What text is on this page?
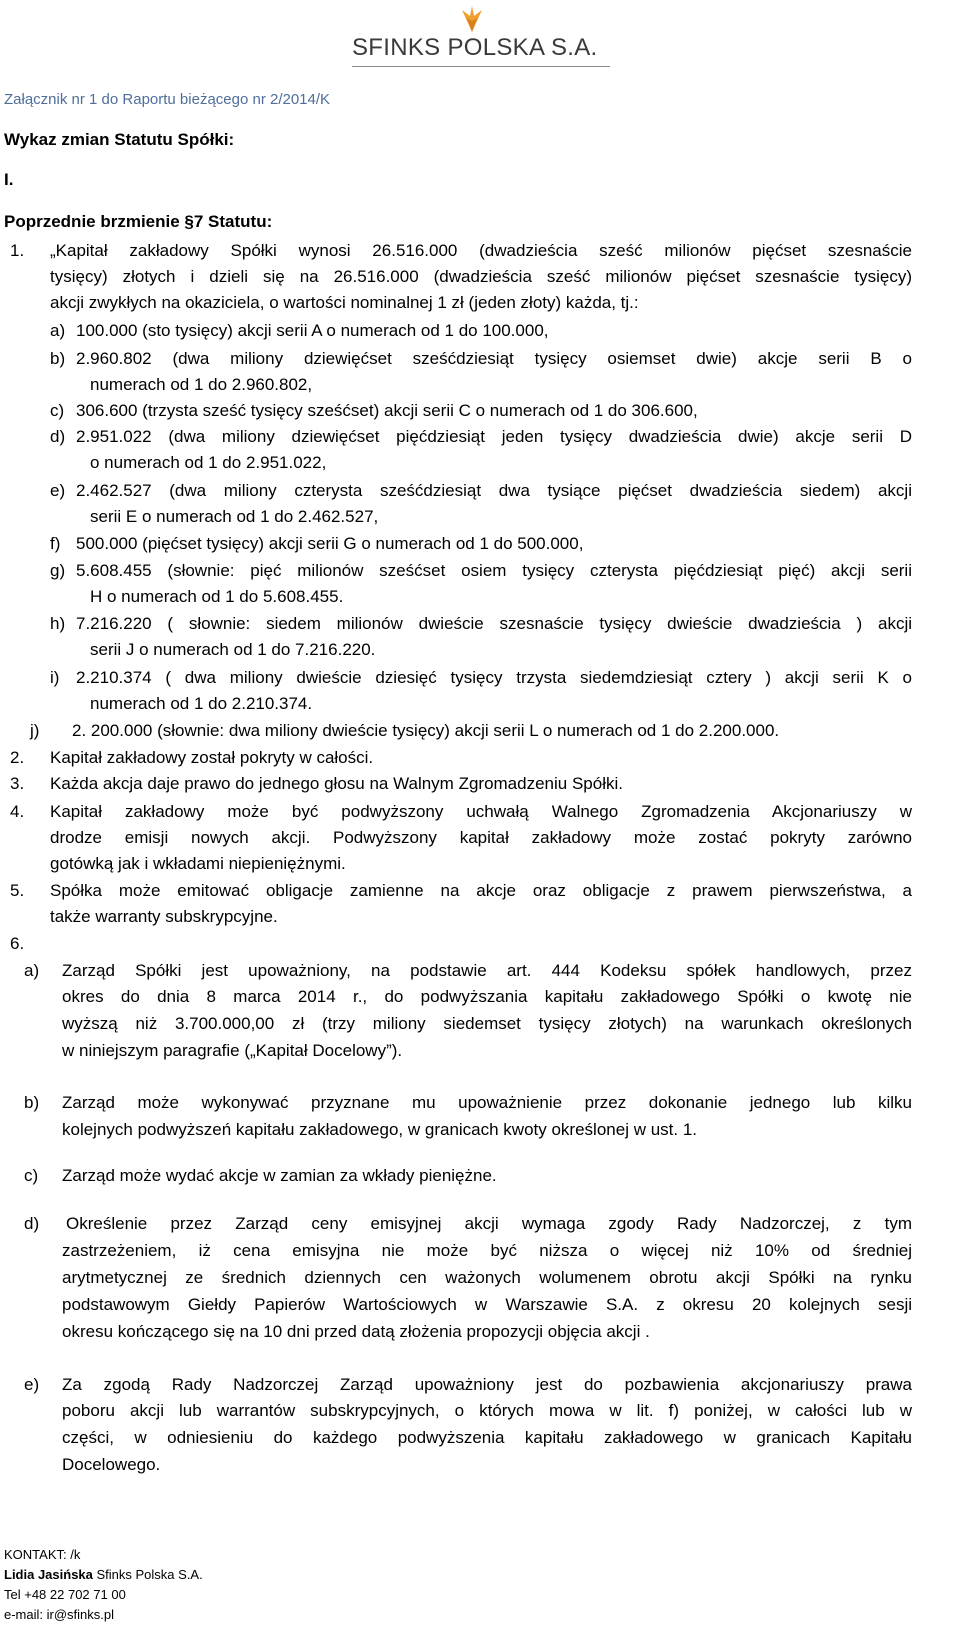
SFINKS POLSKA S.A.
Załącznik nr 1 do Raportu bieżącego nr 2/2014/K
Wykaz zmian Statutu Spółki:
I.
Poprzednie brzmienie §7 Statutu:
1. „Kapitał zakładowy Spółki wynosi 26.516.000 (dwadzieścia sześć milionów pięćset szesnaście
tysięcy) złotych i dzieli się na 26.516.000 (dwadzieścia sześć milionów pięćset szesnaście tysięcy)
akcji zwykłych na okaziciela, o wartości nominalnej 1 zł (jeden złoty) każda, tj.:
a) 100.000 (sto tysięcy) akcji serii A o numerach od 1 do 100.000,
b) 2.960.802 (dwa miliony dziewięćset sześćdziesiąt tysięcy osiemset dwie) akcje serii B o
numerach od 1 do 2.960.802,
c) 306.600 (trzysta sześć tysięcy sześćset) akcji serii C o numerach od 1 do 306.600,
d) 2.951.022 (dwa miliony dziewięćset pięćdziesiąt jeden tysięcy dwadzieścia dwie) akcje serii D
o numerach od 1 do 2.951.022,
e) 2.462.527 (dwa miliony czterysta sześćdziesiąt dwa tysiące pięćset dwadzieścia siedem) akcji
serii E o numerach od 1 do 2.462.527,
f) 500.000 (pięćset tysięcy) akcji serii G o numerach od 1 do 500.000,
g) 5.608.455 (słownie: pięć milionów sześćset osiem tysięcy czterysta pięćdziesiąt pięć) akcji serii
H o numerach od 1 do 5.608.455.
h) 7.216.220 ( słownie: siedem milionów dwieście szesnaście tysięcy dwieście dwadzieścia ) akcji
serii J o numerach od 1 do 7.216.220.
i) 2.210.374 ( dwa miliony dwieście dziesięć tysięcy trzysta siedemdziesiąt cztery ) akcji serii K o
numerach od 1 do 2.210.374.
j) 2. 200.000 (słownie: dwa miliony dwieście tysięcy) akcji serii L o numerach od 1 do 2.200.000.
2. Kapitał zakładowy został pokryty w całości.
3. Każda akcja daje prawo do jednego głosu na Walnym Zgromadzeniu Spółki.
4. Kapitał zakładowy może być podwyższony uchwałą Walnego Zgromadzenia Akcjonariuszy w
drodze emisji nowych akcji. Podwyższony kapitał zakładowy może zostać pokryty zarówno
gotówką jak i wkładami niepieniężnymi.
5. Spółka może emitować obligacje zamienne na akcje oraz obligacje z prawem pierwszeństwa, a
także warranty subskrypcyjne.
6.
a) Zarząd Spółki jest upoważniony, na podstawie art. 444 Kodeksu spółek handlowych, przez
okres do dnia 8 marca 2014 r., do podwyższania kapitału zakładowego Spółki o kwotę nie
wyższą niż 3.700.000,00 zł (trzy miliony siedemset tysięcy złotych) na warunkach określonych
w niniejszym paragrafie („Kapitał Docelowy”).
b) Zarząd może wykonywać przyznane mu upoważnienie przez dokonanie jednego lub kilku
kolejnych podwyższeń kapitału zakładowego, w granicach kwoty określonej w ust. 1.
c) Zarząd może wydać akcje w zamian za wkłady pieniężne.
d) Określenie przez Zarząd ceny emisyjnej akcji wymaga zgody Rady Nadzorczej, z tym
zastrzeżeniem, iż cena emisyjna nie może być niższa o więcej niż 10% od średniej
arytmetycznej ze średnich dziennych cen ważonych wolumenem obrotu akcji Spółki na rynku
podstawowym Giełdy Papierów Wartościowych w Warszawie S.A. z okresu 20 kolejnych sesji
okresu kończącego się na 10 dni przed datą złożenia propozycji objęcia akcji .
e) Za zgodą Rady Nadzorczej Zarząd upoważniony jest do pozbawienia akcjonariuszy prawa
poboru akcji lub warrantów subskrypcyjnych, o których mowa w lit. f) poniżej, w całości lub w
części, w odniesieniu do każdego podwyższenia kapitału zakładowego w granicach Kapitału
Docelowego.
KONTAKT: /k
Lidia Jasińska Sfinks Polska S.A.
Tel +48 22 702 71 00
e-mail: ir@sfinks.pl
